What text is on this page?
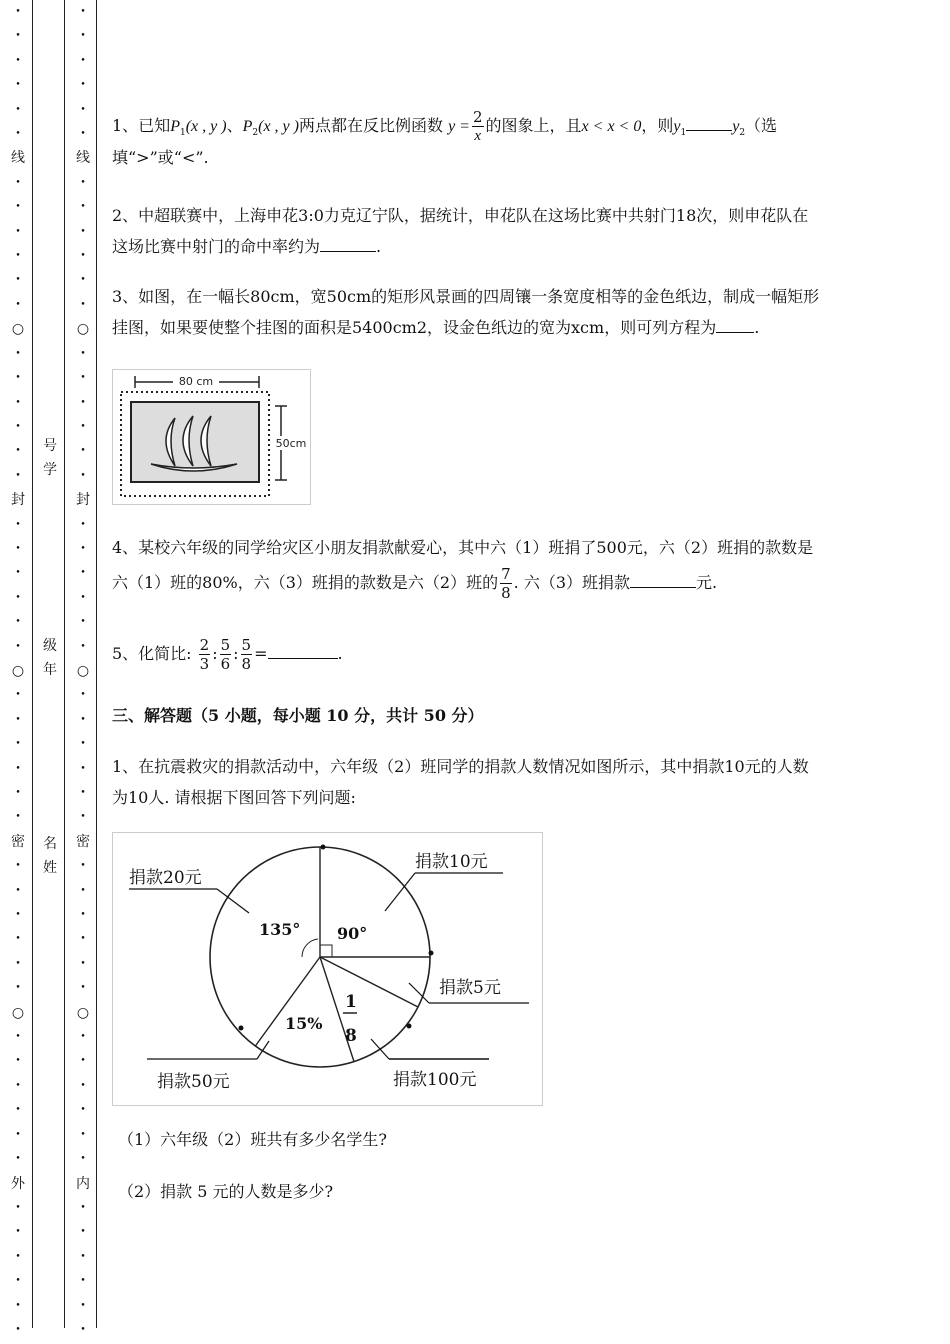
•
•
•
•
•
•
线
•
•
•
•
•
•
○
•
•
•
•
•
•
封
•
•
•
•
•
•
○
•
•
•
•
•
•
密
•
•
•
•
•
•
○
•
•
•
•
•
•
外
•
•
•
•
•
•
•
•
•
•
•
•
线
•
•
•
•
•
•
○
•
•
•
•
•
•
封
•
•
•
•
•
•
○
•
•
•
•
•
•
密
•
•
•
•
•
•
○
•
•
•
•
•
•
内
•
•
•
•
•
•
号学
级年
名姓
1、已知$P_1(x$ , y )、$P_2(x$ , y )两点都在反比例函数 $y = \frac{2}{x}$ 的图象上，且x < x < 0，则$y_1$	$y_2$（选
填“>”或“<”.
2、中超联赛中，上海申花3:0力克辽宁队，据统计，申花队在这场比赛中共射门18次，则申花队在
这场比赛中射门的命中率约为	.
3、如图，在一幅长80cm，宽50cm的矩形风景画的四周镶一条宽度相等的金色纸边，制成一幅矩形
挂图，如果要使整个挂图的面积是5400cm2，设金色纸边的宽为xcm，则可列方程为 .
80 cm
50cm
4、某校六年级的同学给灾区小朋友捐款献爱心，其中六（1）班捐了500元，六（2）班捐的款数是
六（1）班的80%，六（3）班捐的款数是六（2）班的 $\frac{7}{8}$ . 六（3）班捐款	元.
5、化简比: $\frac{2}{3}$ : $\frac{5}{6}$ : $\frac{5}{8}$ =	.
三、解答题（5 小题，每小题 10 分，共计 50 分）
1、在抗震救灾的捐款活动中，六年级（2）班同学的捐款人数情况如图所示，其中捐款10元的人数
为10人. 请根据下图回答下列问题:
90°
135°
15%
1
8
捐款10元
捐款20元
捐款5元
捐款50元	捐款100元
（1）六年级（2）班共有多少名学生?
（2）捐款 5 元的人数是多少?
